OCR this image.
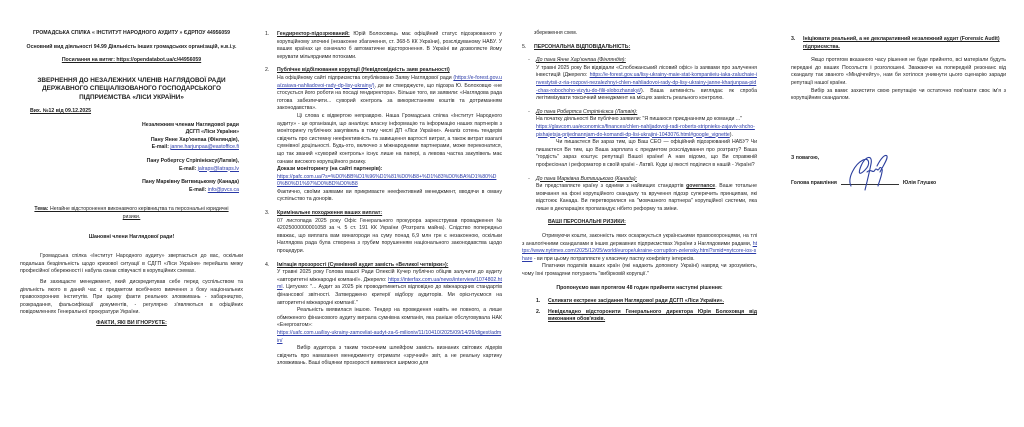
ГРОМАДСЬКА СПІЛКА « ІНСТИТУТ НАРОДНОГО АУДИТУ » ЄДРПОУ 44956059
Основний вид діяльності 94.99 Діяльність інших громадських організацій, н.в.і.у.
Посилання на витяг: https://opendatabot.ua/c/44956059
ЗВЕРНЕННЯ ДО НЕЗАЛЕЖНИХ ЧЛЕНІВ НАГЛЯДОВОЇ РАДИ
ДЕРЖАВНОГО СПЕЦІАЛІЗОВАНОГО ГОСПОДАРСЬКОГО
ПІДПРИЄМСТВА «ЛІСИ УКРАЇНИ»
Вих. №12 від 09.12.2025
Незалежним членам Наглядової ради
ДСГП «Ліси України»
Пану Янне Хар'юнпаа (Фінляндія),
E-mail: janne.harjunpaa@eastoffice.fi
Пану Робертсу Стріпінієксу(Латвія),
E-mail: jalraps@latraps.lv
Пану Марківну Витвицькому (Канада)
E-mail: info@pvcs.ca
Тема: Негайне відсторонення виконавчого керівництва та персональні юридичні ризики.
Шановні члени Наглядової ради!

Громадська спілка «Інститут Народного аудиту» звертається до вас, оскільки подальша бездіяльність щодо кризової ситуації в СДГП «Ліси України» перейшла межу професійної обережності і набула ознак співучасті в корупційних схемах.

Ви захищаєте менеджмент, який дискредитував себе перед суспільством та діяльність якого в даний час є предметом всебічного вивчення з боку національних правоохоронних інститутів. При цьому факти реальних зловживань - хабарництво, розкрадання, фальсифікації документів, - регулярно з'являються в офіційних повідомленнях Генеральної прокуратури України.

ФАКТИ, ЯКІ ВИ ІГНОРУЄТЕ:
1.	Гендиректор-підозрюваний: Юрій Болоховець має офіційний статус підозрюваного у корупційному злочині (незаконне збагачення, ст. 368-5 КК України), розслідуваному НАБУ. У ваших країнах це означало б автоматичне відсторонення. В Україні ви дозволяєте йому керувати мільярдними потоками.
2.	Публічне відбілювання корупції (Невідповідність заяв реальності)
На офіційному сайті підприємства опубліковано Заяву Наглядової ради (https://e-forest.gov.ua/zaiava-nahliadovoi-rady-dp-lisy-ukrainy/), де ви стверджуєте, що підозра Ю. Болоховцю «не стосується його роботи на посаді гендиректора». Більше того, ви заявили: «Наглядова рада готова забезпечити... суворий контроль за використанням коштів та дотриманням законодавства».
Ці слова є відвертою неправдою. Наша Громадська спілка «Інститут Народного аудиту» - це організація, що аналізує власну інформацію та інформацію наших партнерів з моніторингу публічних закупівель в тому числі ДП «Ліси України». Аналіз сотень тендерів свідчить про системну неефективність та завищення вартості витрат, а також витрат взагалі сумнівної доцільності. Будь-хто, включно з міжнародними партнерами, може переконатися, що так званий «суворий контроль» існує лише на папері, а левова частка закупівель має ознаки високого корупційного ризику.
Докази моніторингу (на сайті партнерів):
https://pafc.com.ua/?s=%D0%BB%D1%96%D1%81%D0%B8+%D1%83%D0%BA%D1%80%D0%B0%D1%97%D0%BD%D0%B8
Фактично, своїми заявами ви прикриваєте неефективний менеджмент, вводячи в оману суспільство та донорів.
3.	Кримінальне походження ваших виплат:
07 листопада 2025 року Офіс Генерального прокурора зареєстрував провадження № 42025000000001058 за ч. 5 ст. 191 КК України (Розтрата майна). Слідство попередньо вважає, що виплата вам винагороди на суму понад 6,9 млн грн є незаконною, оскільки Наглядова рада була створена з грубим порушенням національного законодавства щодо процедури.
4.	Імітація прозорості (Сумнівний аудит замість «Великої четвірки»):
У травні 2025 року Голова вашої Ради Олексій Кучер публічно обіцяв залучити до аудиту «авторитетні міжнародні компанії». Джерело: https://interfax.com.ua/news/interview/1074802.html. Цитуємо: "... Аудит за 2025 рік проводитиметься відповідно до міжнародних стандартів фінансової звітності. Затверджено критерії відбору аудиторів. Ми орієнтуємося на авторитетні міжнародні компанії."
Реальність виявилася іншою. Тендер на проведення навіть не повного, а лише обмеженого фінансового аудиту виграла сумнівна компанія, яка раніше обслуговувала НАК «Енергоатом»:
https://uafc.com.ua/lisy-ukrainy-zamovliat-audyt-za-6-milioniv/11/10410/2025/09/14/26/digest/admin/
Вибір аудитора з таким токсичним шлейфом замість визнаних світових лідерів свідчить про намагання менеджменту отримати «зручний» звіт, а не реальну картину зловживань. Ваші обіцянки прозорості виявилися ширмою для
збереження схем.
5.	ПЕРСОНАЛЬНА ВІДПОВІДАЛЬНІСТЬ:
-	До пана Янне Хар'юнпаа (Фінляндія):
У травні 2025 року Ви відвідали «Слобожанський лісовий офіс» із заявами про залучення інвестицій (Джерело: https://e-forest.gov.ua/lisy-ukrainy-maie-stat-kompaniieiu-iaka-zaluchaie-investytsii-z-ria-rozpovi-nezalezhnyi-chlen-nahliadovoi-rady-dp-lisy-ukrainy-janne-kharjunpaa-pid-chas-robochoho-vizytu-do-filii-slobozhanskyi/). Ваша активність виглядає як спроба легітимізувати токсичний менеджмент на місцях замість реального контролю.
-	До пана Робертса Стріпінієкса (Латвія):
На початку діяльності Ви публічно заявили: "Я пишаюся приєднанням до команди ..."
https://glavcom.ua/economics/finances/chlen-nahljadovoji-radi-roberts-stripnieks-zajaviv-shcho-pishajetsja-prijednannjam-do-komandi-dp-lisi-ukrajini-1043076.html#google_vignette).
Чи пишаєтеся Ви зараз тим, що Ваш CEO — офіційний підозрюваний НАБУ? Чи пишаєтеся Ви тим, що Ваша зарплата є предметом розслідування про розтрату? Ваша "гордість" зараз коштує репутації Вашої країни! А нам відомо, що Ви справжній професіонал і реформатор в своїй країні - Латвії. Куди ці якості поділися в нашій - Україні?
-	До пана Марківна Витвицького (Канада):
Ви представляєте країну з одними з найвищих стандартів governance. Ваше тотальне мовчання на фоні корупційного скандалу та вручення підозр суперечить принципам, які відстоює Канада. Ви перетворилися на "мовчазного партнера" корупційної системи, яка лише в деклараціях пропагандує нібито реформу та зміни.
ВАШІ ПЕРСОНАЛЬНІ РИЗИКИ:
Отримуючи кошти, законність яких оскаржується українськими правоохоронцями, на тлі з аналогічними скандалами в інших державних підприємствах України з Наглядовими радами, https://www.nytimes.com/2025/12/05/world/europe/ukraine-corruption-zelensky.html?smid=nytcore-ios-share - ви при цьому потрапляєте у класичну пастку конфлікту інтересів.
Платники податків ваших країн (які надають допомогу Україні) навряд чи зрозуміють, чому їхні громадяни потурають "вибірковій корупції."
Пропонуємо вам протягом 48 годин прийняти наступні рішення:
1.	Скликати екстрене засідання Наглядової ради ДСГП «Ліси України».
2.	Невідкладно відсторонити Генерального директора Юрія Болоховця від виконання обов'язків.
3.	Ініціювати реальний, а не декларативний незалежний аудит (Forensic Audit) підприємства.
Якщо протягом вказаного часу рішення не буде прийнято, всі матеріали будуть передані до ваших Посольств і розголошені. Зважаючи на попередній резонанс від скандалу так званого «Міндічгейту», нам би хотілося уникнути цього сценарію заради репутації нашої країни.
Вибір за вами: захистити свою репутацію чи остаточно пов'язати своє ім'я з корупційним скандалом.
З повагою,
Голова правління	Юлія Глушко
